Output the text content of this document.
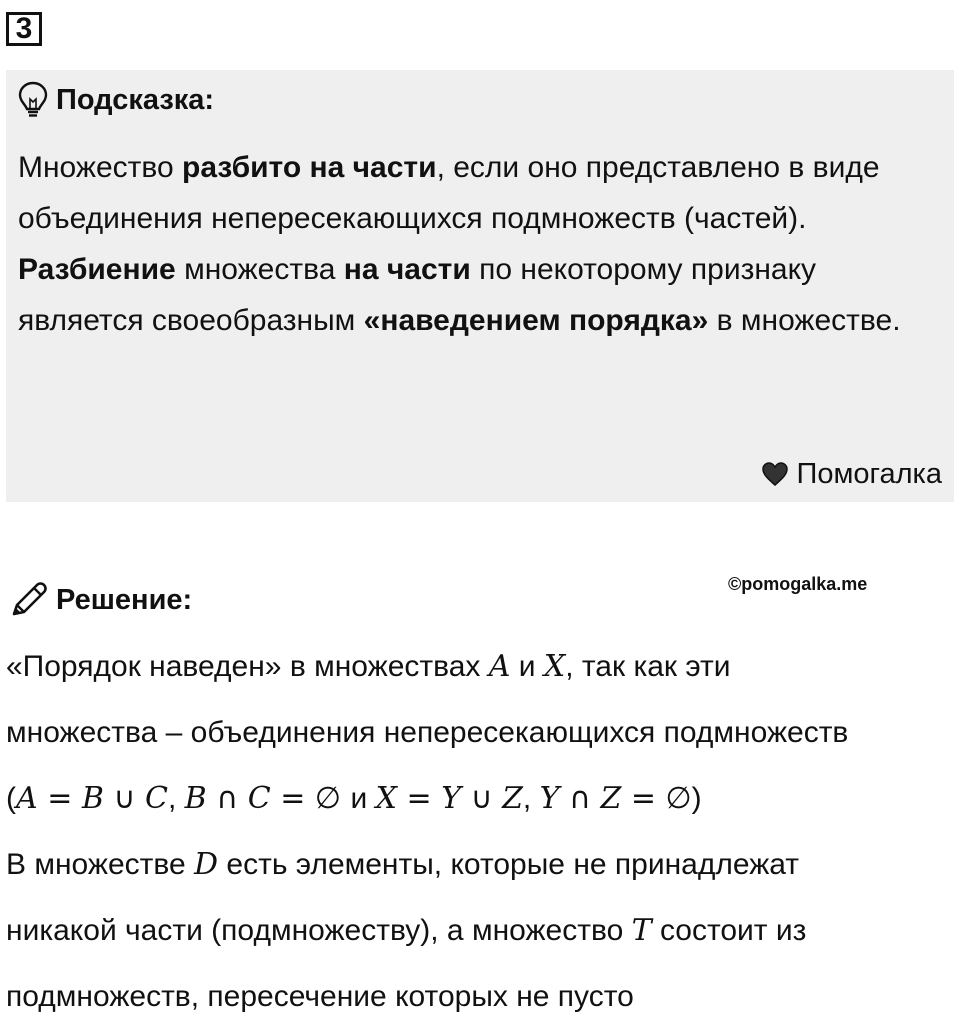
3
Подсказка:

Множество разбито на части, если оно представлено в виде объединения непересекающихся подмножеств (частей).

Разбиение множества на части по некоторому признаку является своеобразным «наведением порядка» в множестве.

Помогалка
©pomogalka.me
Решение:
«Порядок наведен» в множествах A и X, так как эти
множества – объединения непересекающихся подмножеств
(A = B ∪ C, B ∩ C = ∅ и X = Y ∪ Z, Y ∩ Z = ∅)
В множестве D есть элементы, которые не принадлежат
никакой части (подмножеству), а множество T состоит из
подмножеств, пересечение которых не пусто
